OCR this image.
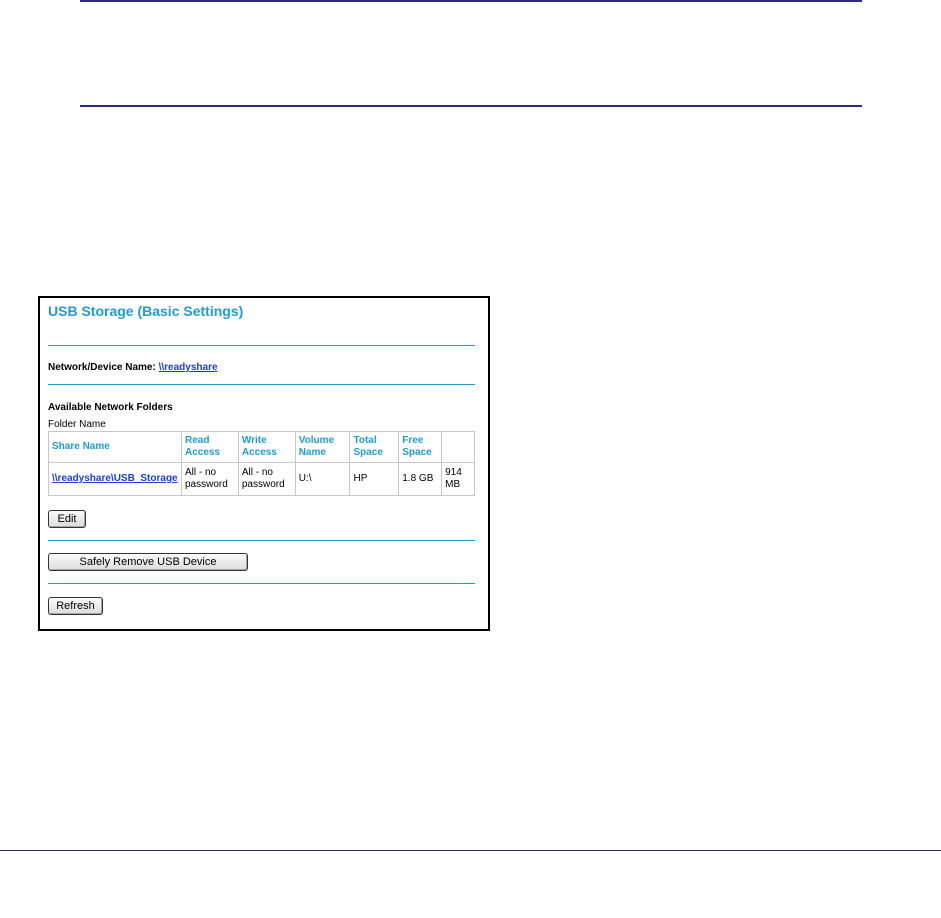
USB Storage (Basic Settings)
Network/Device Name: \\readyshare
Available Network Folders
Folder Name
Share Name	Read Access	Write Access	Volume Name	Total Space	Free Space	
\\readyshare\USB_Storage	All - no password	All - no password	U:\	HP	1.8 GB	914 MB
Edit
Safely Remove USB Device
Refresh
